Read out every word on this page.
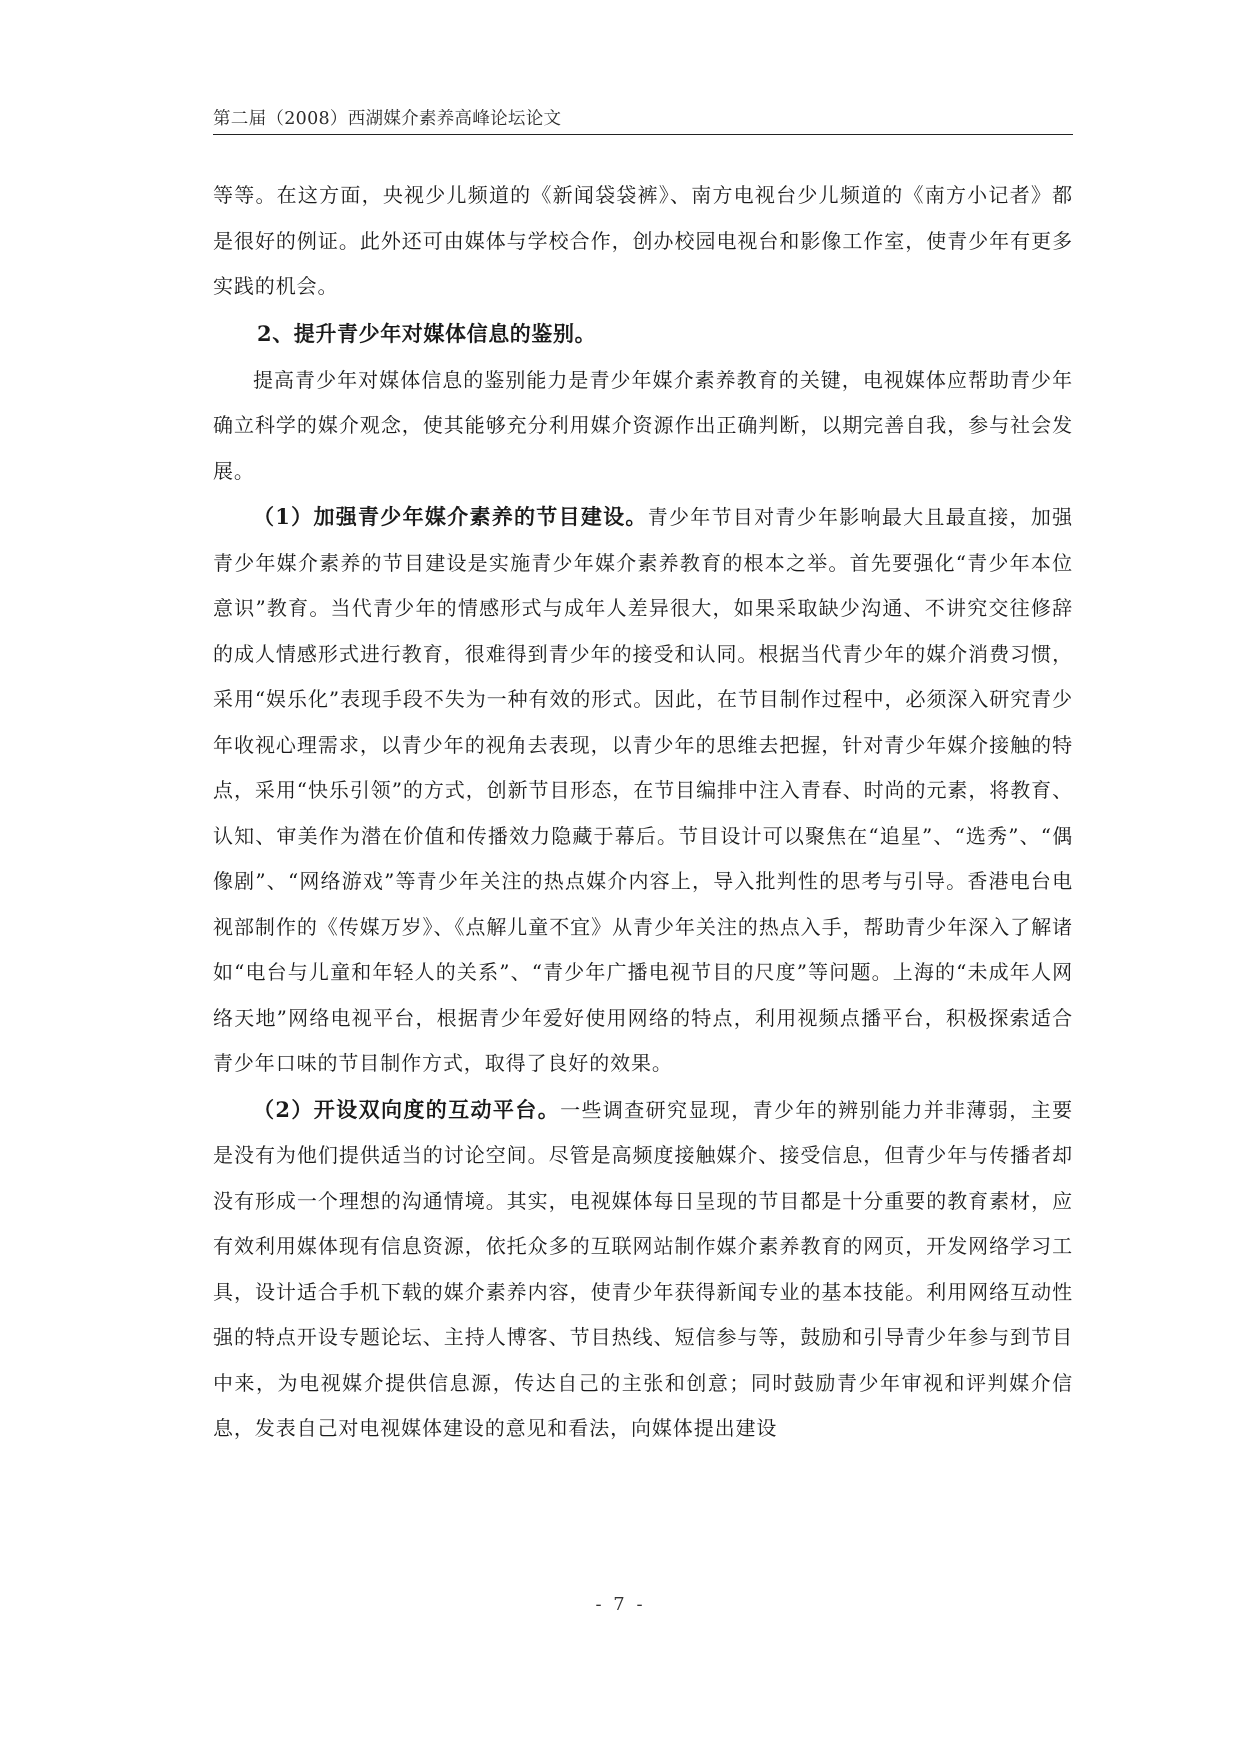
第二届（2008）西湖媒介素养高峰论坛论文

等等。在这方面，央视少儿频道的《新闻袋袋裤》、南方电视台少儿频道的《南方小记者》都是很好的例证。此外还可由媒体与学校合作，创办校园电视台和影像工作室，使青少年有更多实践的机会。

2、提升青少年对媒体信息的鉴别。

提高青少年对媒体信息的鉴别能力是青少年媒介素养教育的关键，电视媒体应帮助青少年确立科学的媒介观念，使其能够充分利用媒介资源作出正确判断，以期完善自我，参与社会发展。

（1）加强青少年媒介素养的节目建设。青少年节目对青少年影响最大且最直接，加强青少年媒介素养的节目建设是实施青少年媒介素养教育的根本之举。首先要强化“青少年本位意识”教育。当代青少年的情感形式与成年人差异很大，如果采取缺少沟通、不讲究交往修辞的成人情感形式进行教育，很难得到青少年的接受和认同。根据当代青少年的媒介消费习惯，采用“娱乐化”表现手段不失为一种有效的形式。因此，在节目制作过程中，必须深入研究青少年收视心理需求，以青少年的视角去表现，以青少年的思维去把握，针对青少年媒介接触的特点，采用“快乐引领”的方式，创新节目形态，在节目编排中注入青春、时尚的元素，将教育、认知、审美作为潜在价值和传播效力隐藏于幕后。节目设计可以聚焦在“追星”、“选秀”、“偶像剧”、“网络游戏”等青少年关注的热点媒介内容上，导入批判性的思考与引导。香港电台电视部制作的《传媒万岁》、《点解儿童不宜》从青少年关注的热点入手，帮助青少年深入了解诸如“电台与儿童和年轻人的关系”、“青少年广播电视节目的尺度”等问题。上海的“未成年人网络天地”网络电视平台，根据青少年爱好使用网络的特点，利用视频点播平台，积极探索适合青少年口味的节目制作方式，取得了良好的效果。

（2）开设双向度的互动平台。一些调查研究显现，青少年的辨别能力并非薄弱，主要是没有为他们提供适当的讨论空间。尽管是高频度接触媒介、接受信息，但青少年与传播者却没有形成一个理想的沟通情境。其实，电视媒体每日呈现的节目都是十分重要的教育素材，应有效利用媒体现有信息资源，依托众多的互联网站制作媒介素养教育的网页，开发网络学习工具，设计适合手机下载的媒介素养内容，使青少年获得新闻专业的基本技能。利用网络互动性强的特点开设专题论坛、主持人博客、节目热线、短信参与等，鼓励和引导青少年参与到节目中来，为电视媒介提供信息源，传达自己的主张和创意；同时鼓励青少年审视和评判媒介信息，发表自己对电视媒体建设的意见和看法，向媒体提出建设

- 7 -
